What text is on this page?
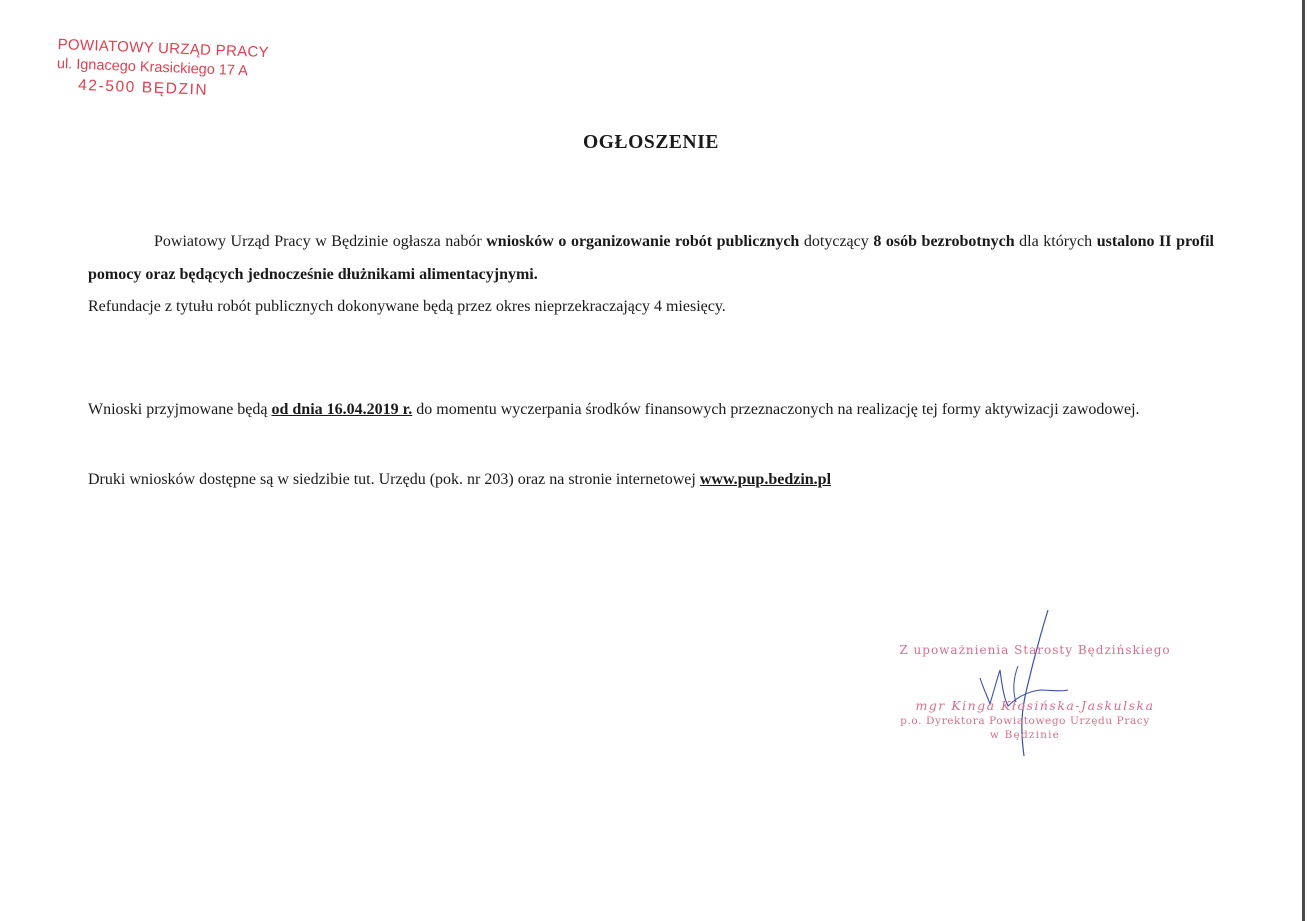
POWIATOWY URZĄD PRACY
ul. Ignacego Krasickiego 17 A
42-500 BĘDZIN
OGŁOSZENIE
Powiatowy Urząd Pracy w Będzinie ogłasza nabór wniosków o organizowanie robót publicznych dotyczący 8 osób bezrobotnych dla których ustalono II profil pomocy oraz będących jednocześnie dłużnikami alimentacyjnymi.
Refundacje z tytułu robót publicznych dokonywane będą przez okres nieprzekraczający 4 miesięcy.
Wnioski przyjmowane będą od dnia 16.04.2019 r. do momentu wyczerpania środków finansowych przeznaczonych na realizację tej formy aktywizacji zawodowej.
Druki wniosków dostępne są w siedzibie tut. Urzędu (pok. nr 203) oraz na stronie internetowej www.pup.bedzin.pl
Z upoważnienia Starosty Będzińskiego
mgr Kinga Kłosińska-Jaskulska
p.o. Dyrektora Powiatowego Urzędu Pracy
w Będzinie
